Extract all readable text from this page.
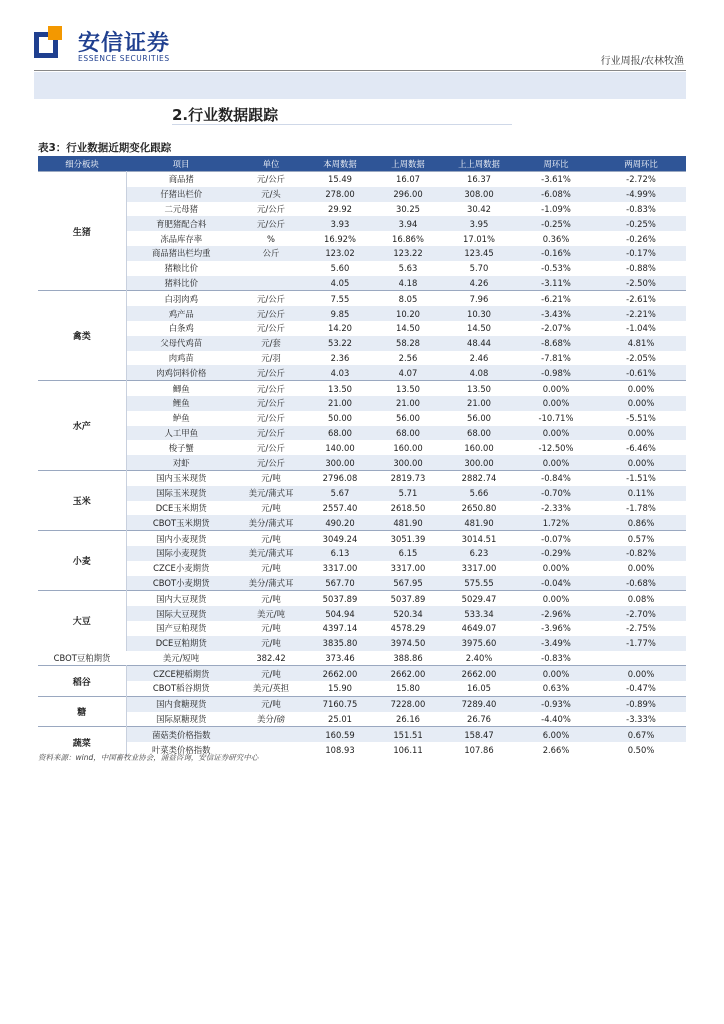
安信证券
ESSENCE SECURITIES	行业周报/农林牧渔
2.行业数据跟踪
表3：行业数据近期变化跟踪
细分板块	项目	单位	本周数据	上周数据	上上周数据	周环比	两周环比
生猪	商品猪	元/公斤	15.49	16.07	16.37	-3.61%	-2.72%
	仔猪出栏价	元/头	278.00	296.00	308.00	-6.08%	-4.99%
	二元母猪	元/公斤	29.92	30.25	30.42	-1.09%	-0.83%
	育肥猪配合料	元/公斤	3.93	3.94	3.95	-0.25%	-0.25%
	冻品库存率	%	16.92%	16.86%	17.01%	0.36%	-0.26%
	商品猪出栏均重	公斤	123.02	123.22	123.45	-0.16%	-0.17%
	猪粮比价		5.60	5.63	5.70	-0.53%	-0.88%
	猪料比价		4.05	4.18	4.26	-3.11%	-2.50%
禽类	白羽肉鸡	元/公斤	7.55	8.05	7.96	-6.21%	-2.61%
	鸡产品	元/公斤	9.85	10.20	10.30	-3.43%	-2.21%
	白条鸡	元/公斤	14.20	14.50	14.50	-2.07%	-1.04%
	父母代鸡苗	元/套	53.22	58.28	48.44	-8.68%	4.81%
	肉鸡苗	元/羽	2.36	2.56	2.46	-7.81%	-2.05%
	肉鸡饲料价格	元/公斤	4.03	4.07	4.08	-0.98%	-0.61%
水产	鲫鱼	元/公斤	13.50	13.50	13.50	0.00%	0.00%
	鲤鱼	元/公斤	21.00	21.00	21.00	0.00%	0.00%
	鲈鱼	元/公斤	50.00	56.00	56.00	-10.71%	-5.51%
	人工甲鱼	元/公斤	68.00	68.00	68.00	0.00%	0.00%
	梭子蟹	元/公斤	140.00	160.00	160.00	-12.50%	-6.46%
	对虾	元/公斤	300.00	300.00	300.00	0.00%	0.00%
玉米	国内玉米现货	元/吨	2796.08	2819.73	2882.74	-0.84%	-1.51%
	国际玉米现货	美元/蒲式耳	5.67	5.71	5.66	-0.70%	0.11%
	DCE玉米期货	元/吨	2557.40	2618.50	2650.80	-2.33%	-1.78%
	CBOT玉米期货	美分/蒲式耳	490.20	481.90	481.90	1.72%	0.86%
小麦	国内小麦现货	元/吨	3049.24	3051.39	3014.51	-0.07%	0.57%
	国际小麦现货	美元/蒲式耳	6.13	6.15	6.23	-0.29%	-0.82%
	CZCE小麦期货	元/吨	3317.00	3317.00	3317.00	0.00%	0.00%
	CBOT小麦期货	美分/蒲式耳	567.70	567.95	575.55	-0.04%	-0.68%
大豆	国内大豆现货	元/吨	5037.89	5037.89	5029.47	0.00%	0.08%
	国际大豆现货	美元/吨	504.94	520.34	533.34	-2.96%	-2.70%
	国产豆粕现货	元/吨	4397.14	4578.29	4649.07	-3.96%	-2.75%
	DCE豆粕期货	元/吨	3835.80	3974.50	3975.60	-3.49%	-1.77%
CBOT豆粕期货	美元/短吨	382.42	373.46	388.86	2.40%	-0.83%	
稻谷	CZCE粳稻期货	元/吨	2662.00	2662.00	2662.00	0.00%	0.00%
	CBOT稻谷期货	美元/英担	15.90	15.80	16.05	0.63%	-0.47%
糖	国内食糖现货	元/吨	7160.75	7228.00	7289.40	-0.93%	-0.89%
	国际原糖现货	美分/磅	25.01	26.16	26.76	-4.40%	-3.33%
蔬菜	菌菇类价格指数		160.59	151.51	158.47	6.00%	0.67%
	叶菜类价格指数		108.93	106.11	107.86	2.66%	0.50%
资料来源：wind，中国畜牧业协会，涌益咨询，安信证券研究中心
